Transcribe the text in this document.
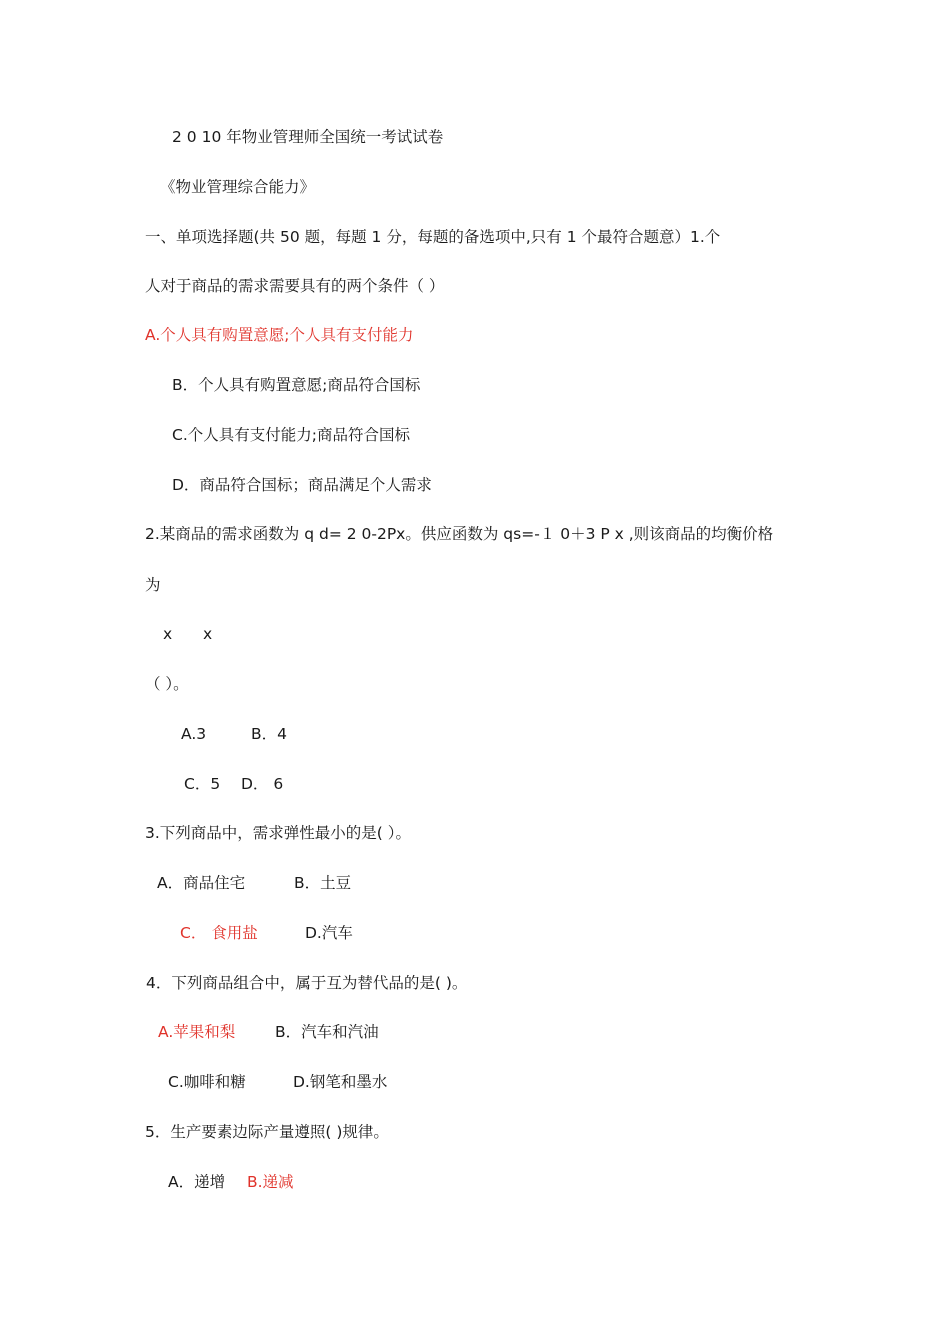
2 0 10 年物业管理师全国统一考试试卷
《物业管理综合能力》
一、单项选择题(共 50 题，每题 1 分，每题的备选项中,只有 1 个最符合题意）1.个
人对于商品的需求需要具有的两个条件（ ）
A.个人具有购置意愿;个人具有支付能力
B．个人具有购置意愿;商品符合国标
C.个人具有支付能力;商品符合国标
D．商品符合国标；商品满足个人需求
2.某商品的需求函数为 q d= 2 0-2Px。供应函数为 qs=-１ 0＋3 P x ,则该商品的均衡价格
为
x x
（ ）。
A.3	B．4
C．5 D． 6
3.下列商品中，需求弹性最小的是( ）。
A．商品住宅	B．土豆
C． 食用盐	D.汽车
4．下列商品组合中，属于互为替代品的是( )。
A.苹果和梨	B．汽车和汽油
C.咖啡和糖	D.钢笔和墨水
5．生产要素边际产量遵照( )规律。
A．递增 B.递减
